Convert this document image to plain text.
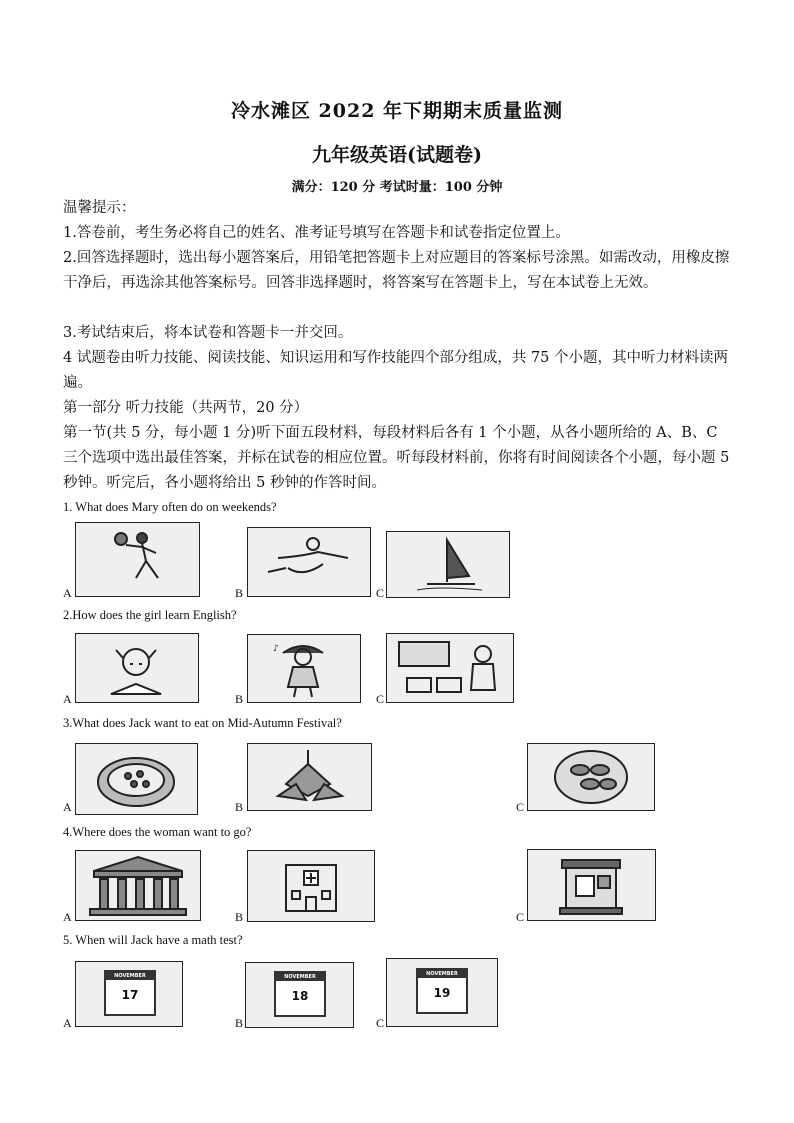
冷水滩区 2022 年下期期末质量监测
九年级英语(试题卷)
满分：120 分 考试时量：100 分钟

温馨提示：

1.答卷前，考生务必将自己的姓名、准考证号填写在答题卡和试卷指定位置上。

2.回答选择题时，选出每小题答案后，用铅笔把答题卡上对应题目的答案标号涂黑。如需改动，用橡皮擦干净后，再选涂其他答案标号。回答非选择题时，将答案写在答题卡上，写在本试卷上无效。

3.考试结束后，将本试卷和答题卡一并交回。

4 试题卷由听力技能、阅读技能、知识运用和写作技能四个部分组成，共 75 个小题，其中听力材料读两遍。

第一部分 听力技能（共两节，20 分）

第一节(共 5 分，每小题 1 分)听下面五段材料，每段材料后各有 1 个小题，从各小题所给的 A、B、C 三个选项中选出最佳答案，并标在试卷的相应位置。听每段材料前，你将有时间阅读各个小题，每小题 5 秒钟。听完后，各小题将给出 5 秒钟的作答时间。

1. What does Mary often do on weekends?
A	B	C
2.How does the girl learn English?
A
♪
B	C
3.What does Jack want to eat on Mid-Autumn Festival?
A	B	C
4.Where does the woman want to go?
A	B	C
5. When will Jack have a math test?
NOVEMBER
17
A
NOVEMBER
18
B
NOVEMBER
19
C
